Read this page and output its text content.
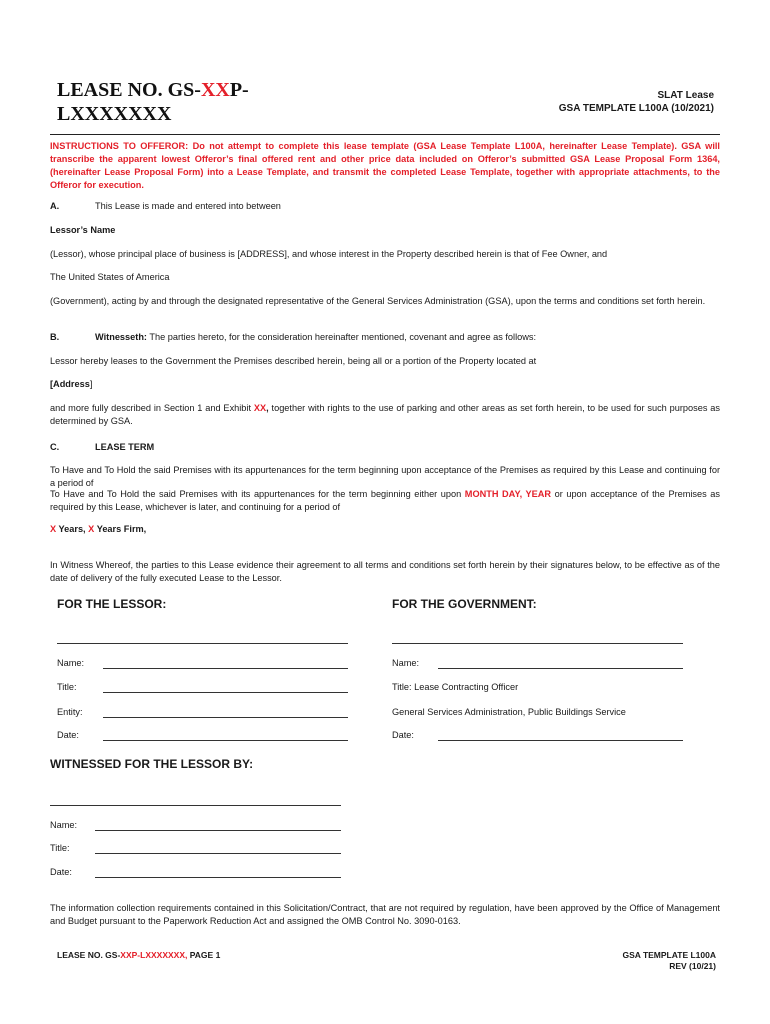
LEASE NO. GS-XXP-
LXXXXXXX
SLAT Lease
GSA TEMPLATE L100A (10/2021)
INSTRUCTIONS TO OFFEROR: Do not attempt to complete this lease template (GSA Lease Template L100A, hereinafter Lease Template). GSA will transcribe the apparent lowest Offeror’s final offered rent and other price data included on Offeror’s submitted GSA Lease Proposal Form 1364, (hereinafter Lease Proposal Form) into a Lease Template, and transmit the completed Lease Template, together with appropriate attachments, to the Offeror for execution.
A.	This Lease is made and entered into between
Lessor’s Name
(Lessor), whose principal place of business is [ADDRESS], and whose interest in the Property described herein is that of Fee Owner, and
The United States of America
(Government), acting by and through the designated representative of the General Services Administration (GSA), upon the terms and conditions set forth herein.
B.	Witnesseth: The parties hereto, for the consideration hereinafter mentioned, covenant and agree as follows:
Lessor hereby leases to the Government the Premises described herein, being all or a portion of the Property located at
[Address]
and more fully described in Section 1 and Exhibit XX, together with rights to the use of parking and other areas as set forth herein, to be used for such purposes as determined by GSA.
C.	LEASE TERM
To Have and To Hold the said Premises with its appurtenances for the term beginning upon acceptance of the Premises as required by this Lease and continuing for a period of
To Have and To Hold the said Premises with its appurtenances for the term beginning either upon MONTH DAY, YEAR or upon acceptance of the Premises as required by this Lease, whichever is later, and continuing for a period of
X Years, X Years Firm,
In Witness Whereof, the parties to this Lease evidence their agreement to all terms and conditions set forth herein by their signatures below, to be effective as of the date of delivery of the fully executed Lease to the Lessor.
FOR THE LESSOR:	FOR THE GOVERNMENT:
Name:	Name:
Title:	Title: Lease Contracting Officer
Entity:	General Services Administration, Public Buildings Service
Date:	Date:
WITNESSED FOR THE LESSOR BY:
Name:
Title:
Date:
The information collection requirements contained in this Solicitation/Contract, that are not required by regulation, have been approved by the Office of Management and Budget pursuant to the Paperwork Reduction Act and assigned the OMB Control No. 3090-0163.
LEASE NO. GS-XXP-LXXXXXXX, PAGE 1	GSA TEMPLATE L100A
REV (10/21)
